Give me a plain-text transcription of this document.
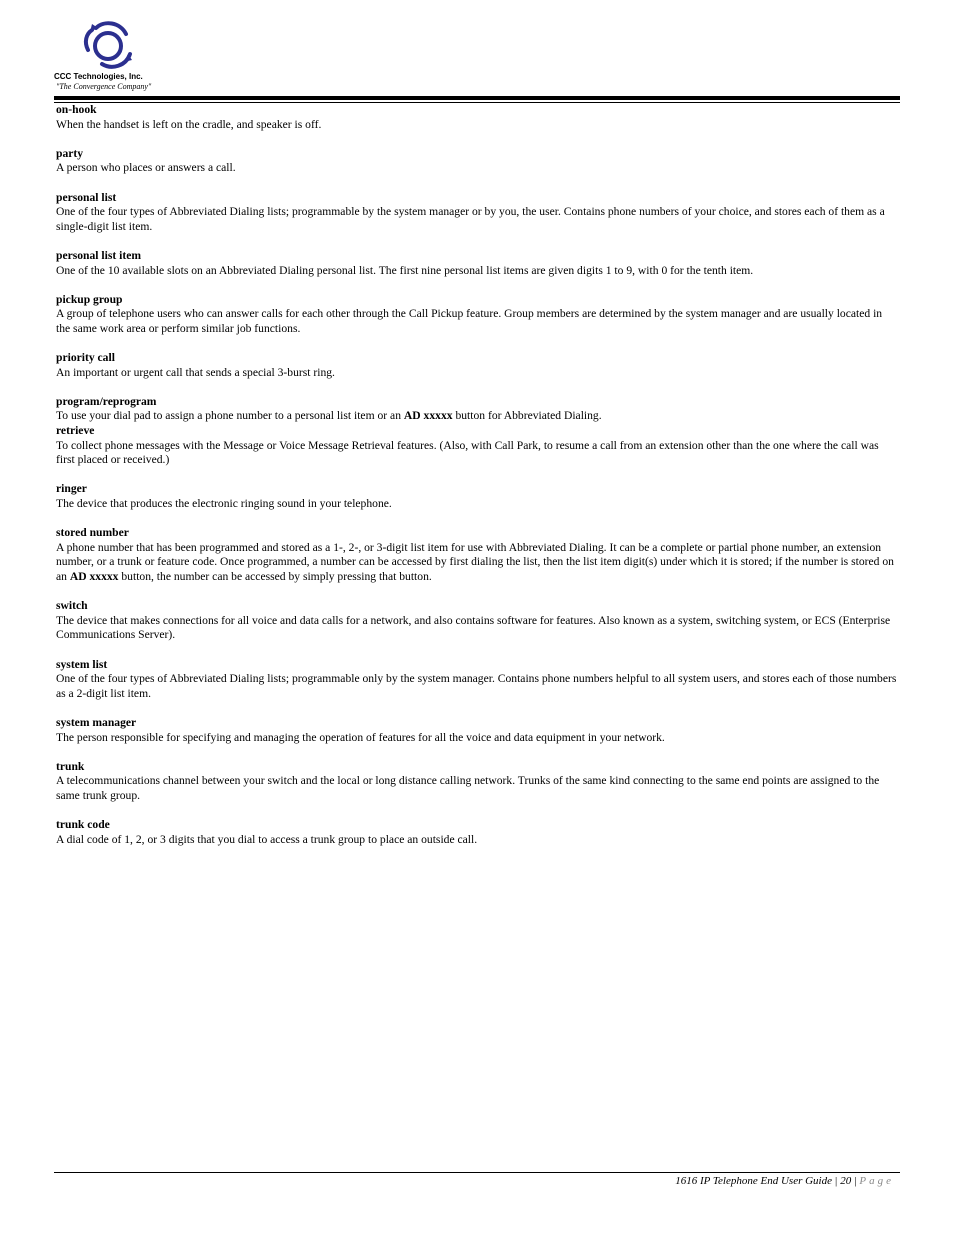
CCC Technologies, Inc.
"The Convergence Company"
on-hook
When the handset is left on the cradle, and speaker is off.
party
A person who places or answers a call.
personal list
One of the four types of Abbreviated Dialing lists; programmable by the system manager or by you, the user. Contains phone numbers of your choice, and stores each of them as a single-digit list item.
personal list item
One of the 10 available slots on an Abbreviated Dialing personal list. The first nine personal list items are given digits 1 to 9, with 0 for the tenth item.
pickup group
A group of telephone users who can answer calls for each other through the Call Pickup feature. Group members are determined by the system manager and are usually located in the same work area or perform similar job functions.
priority call
An important or urgent call that sends a special 3-burst ring.
program/reprogram
To use your dial pad to assign a phone number to a personal list item or an AD xxxxx button for Abbreviated Dialing.
retrieve
To collect phone messages with the Message or Voice Message Retrieval features. (Also, with Call Park, to resume a call from an extension other than the one where the call was first placed or received.)
ringer
The device that produces the electronic ringing sound in your telephone.
stored number
A phone number that has been programmed and stored as a 1-, 2-, or 3-digit list item for use with Abbreviated Dialing. It can be a complete or partial phone number, an extension number, or a trunk or feature code. Once programmed, a number can be accessed by first dialing the list, then the list item digit(s) under which it is stored; if the number is stored on an AD xxxxx button, the number can be accessed by simply pressing that button.
switch
The device that makes connections for all voice and data calls for a network, and also contains software for features. Also known as a system, switching system, or ECS (Enterprise Communications Server).
system list
One of the four types of Abbreviated Dialing lists; programmable only by the system manager. Contains phone numbers helpful to all system users, and stores each of those numbers as a 2-digit list item.
system manager
The person responsible for specifying and managing the operation of features for all the voice and data equipment in your network.
trunk
A telecommunications channel between your switch and the local or long distance calling network. Trunks of the same kind connecting to the same end points are assigned to the same trunk group.
trunk code
A dial code of 1, 2, or 3 digits that you dial to access a trunk group to place an outside call.
1616 IP Telephone End User Guide | 20 | Page
